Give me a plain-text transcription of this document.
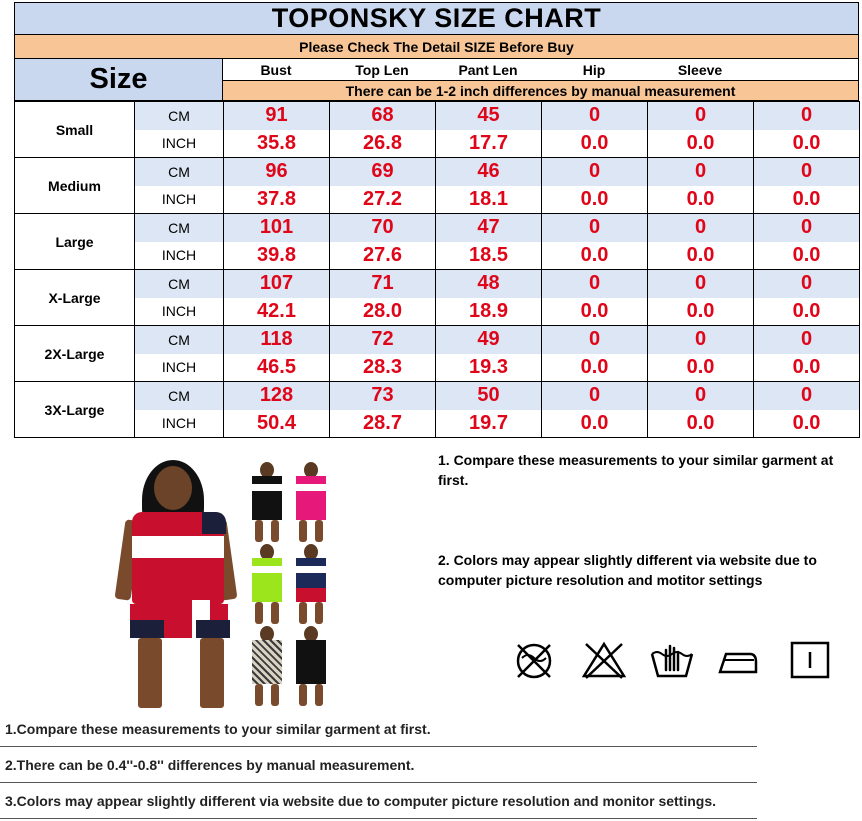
TOPONSKY SIZE CHART
Please Check The Detail SIZE Before Buy
Size	Bust	Top Len	Pant Len	Hip	Sleeve
There can be 1-2 inch differences by manual measurement
Small	CM	91	68	45	0	0	0
	INCH	35.8	26.8	17.7	0.0	0.0	0.0
Medium	CM	96	69	46	0	0	0
	INCH	37.8	27.2	18.1	0.0	0.0	0.0
Large	CM	101	70	47	0	0	0
	INCH	39.8	27.6	18.5	0.0	0.0	0.0
X-Large	CM	107	71	48	0	0	0
	INCH	42.1	28.0	18.9	0.0	0.0	0.0
2X-Large	CM	118	72	49	0	0	0
	INCH	46.5	28.3	19.3	0.0	0.0	0.0
3X-Large	CM	128	73	50	0	0	0
	INCH	50.4	28.7	19.7	0.0	0.0	0.0
1. Compare these measurements to your similar garment at first.
2. Colors may appear slightly different via website due to computer picture resolution and motitor settings
1.Compare these measurements to your similar garment at first.
2.There can be 0.4''-0.8'' differences by manual measurement.
3.Colors may appear slightly different via website due to computer picture resolution and monitor settings.
